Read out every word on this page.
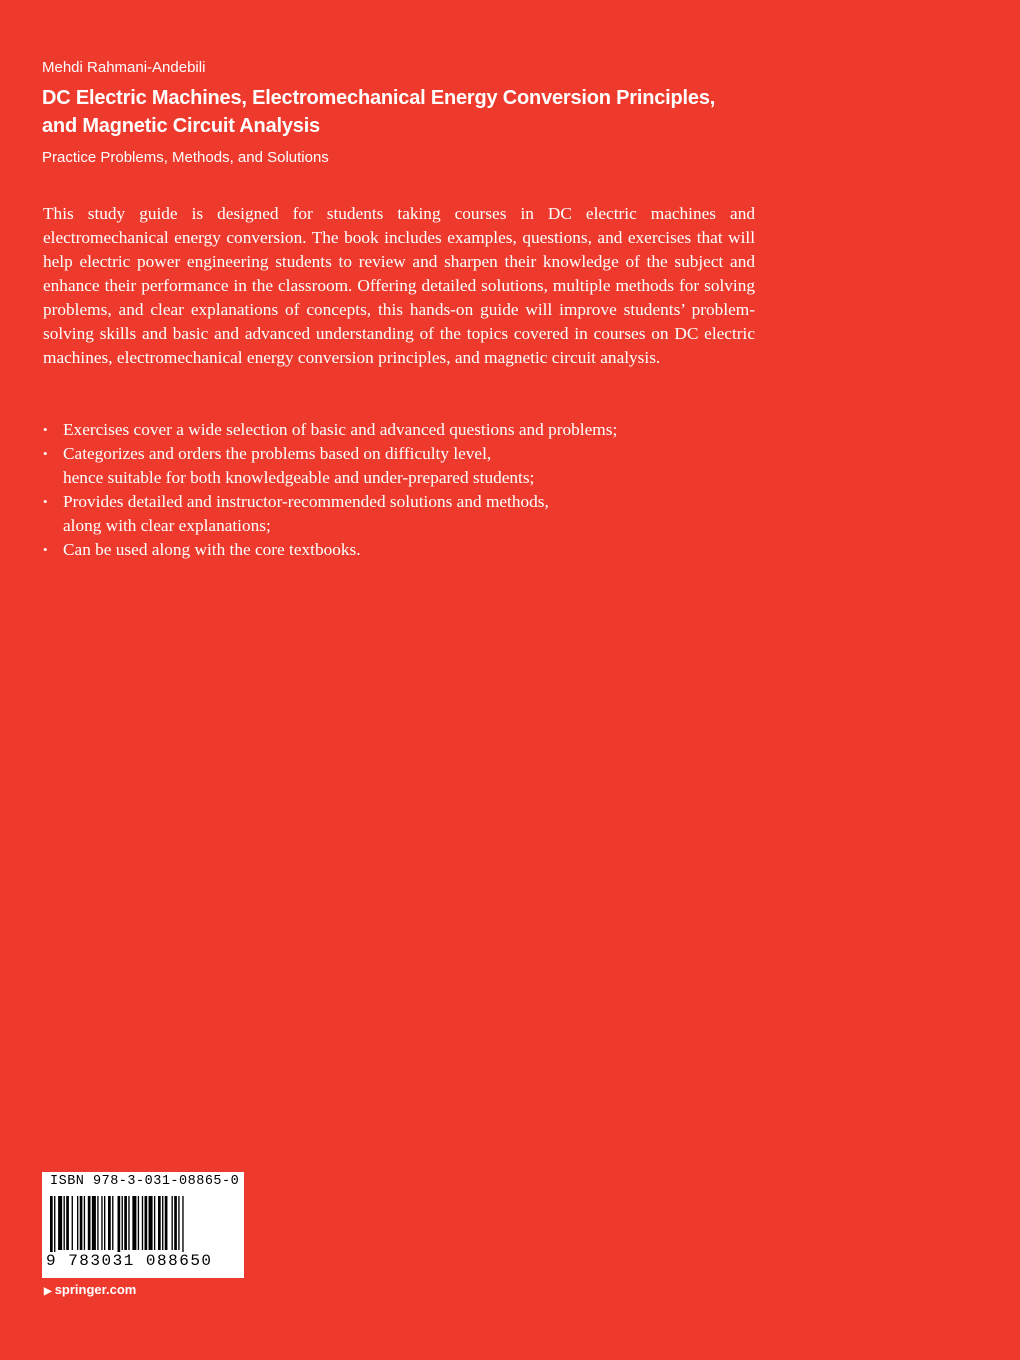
Mehdi Rahmani-Andebili

DC Electric Machines, Electromechanical Energy Conversion Principles,
and Magnetic Circuit Analysis

Practice Problems, Methods, and Solutions

This study guide is designed for students taking courses in DC electric machines and electromechanical energy conversion. The book includes examples, questions, and exercises that will help electric power engineering students to review and sharpen their knowledge of the subject and enhance their performance in the classroom. Offering detailed solutions, multiple methods for solving problems, and clear explanations of concepts, this hands-on guide will improve students’ problem-solving skills and basic and advanced understanding of the topics covered in courses on DC electric machines, electromechanical energy conversion principles, and magnetic circuit analysis.

• Exercises cover a wide selection of basic and advanced questions and problems;
• Categorizes and orders the problems based on difficulty level,
hence suitable for both knowledgeable and under-prepared students;
• Provides detailed and instructor-recommended solutions and methods,
along with clear explanations;
• Can be used along with the core textbooks.
ISBN 978-3-031-08865-0
9 783031 088650
▶ springer.com
